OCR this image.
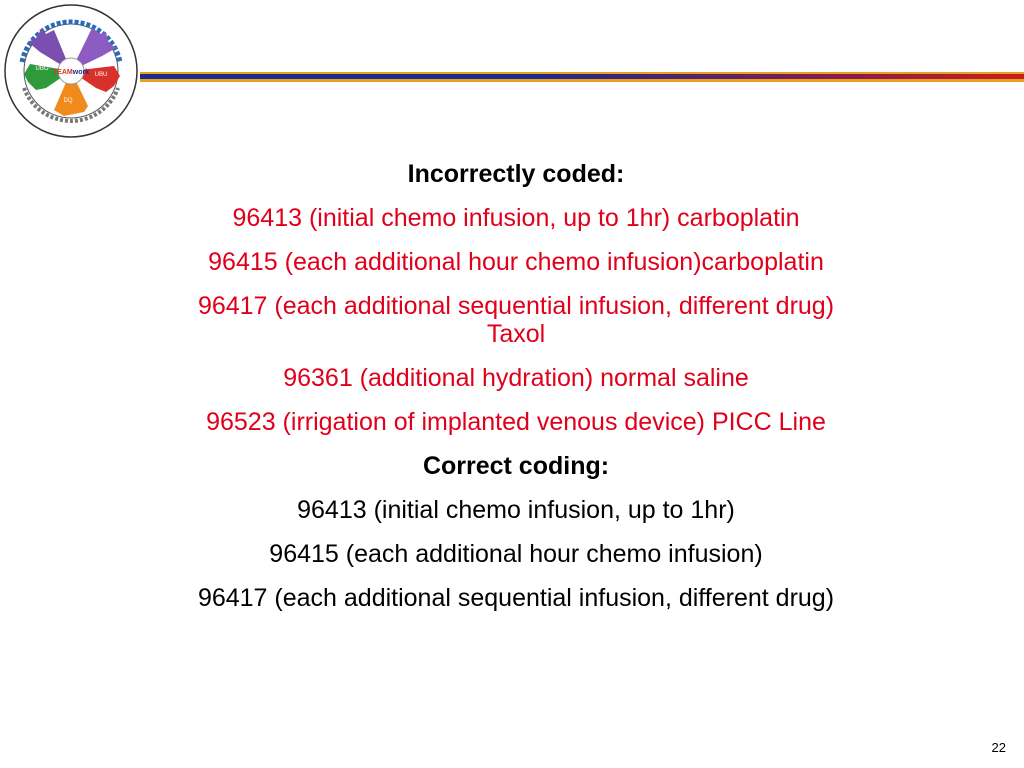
TEAMwork
MEPRS
UBO
UBU
DQ
Incorrectly coded:
96413 (initial chemo infusion, up to 1hr) carboplatin
96415 (each additional hour chemo infusion)carboplatin
96417 (each additional sequential infusion, different drug)
Taxol
96361 (additional hydration) normal saline
96523 (irrigation of implanted venous device) PICC Line
Correct coding:
96413 (initial chemo infusion, up to 1hr)
96415 (each additional hour chemo infusion)
96417 (each additional sequential infusion, different drug)
22
